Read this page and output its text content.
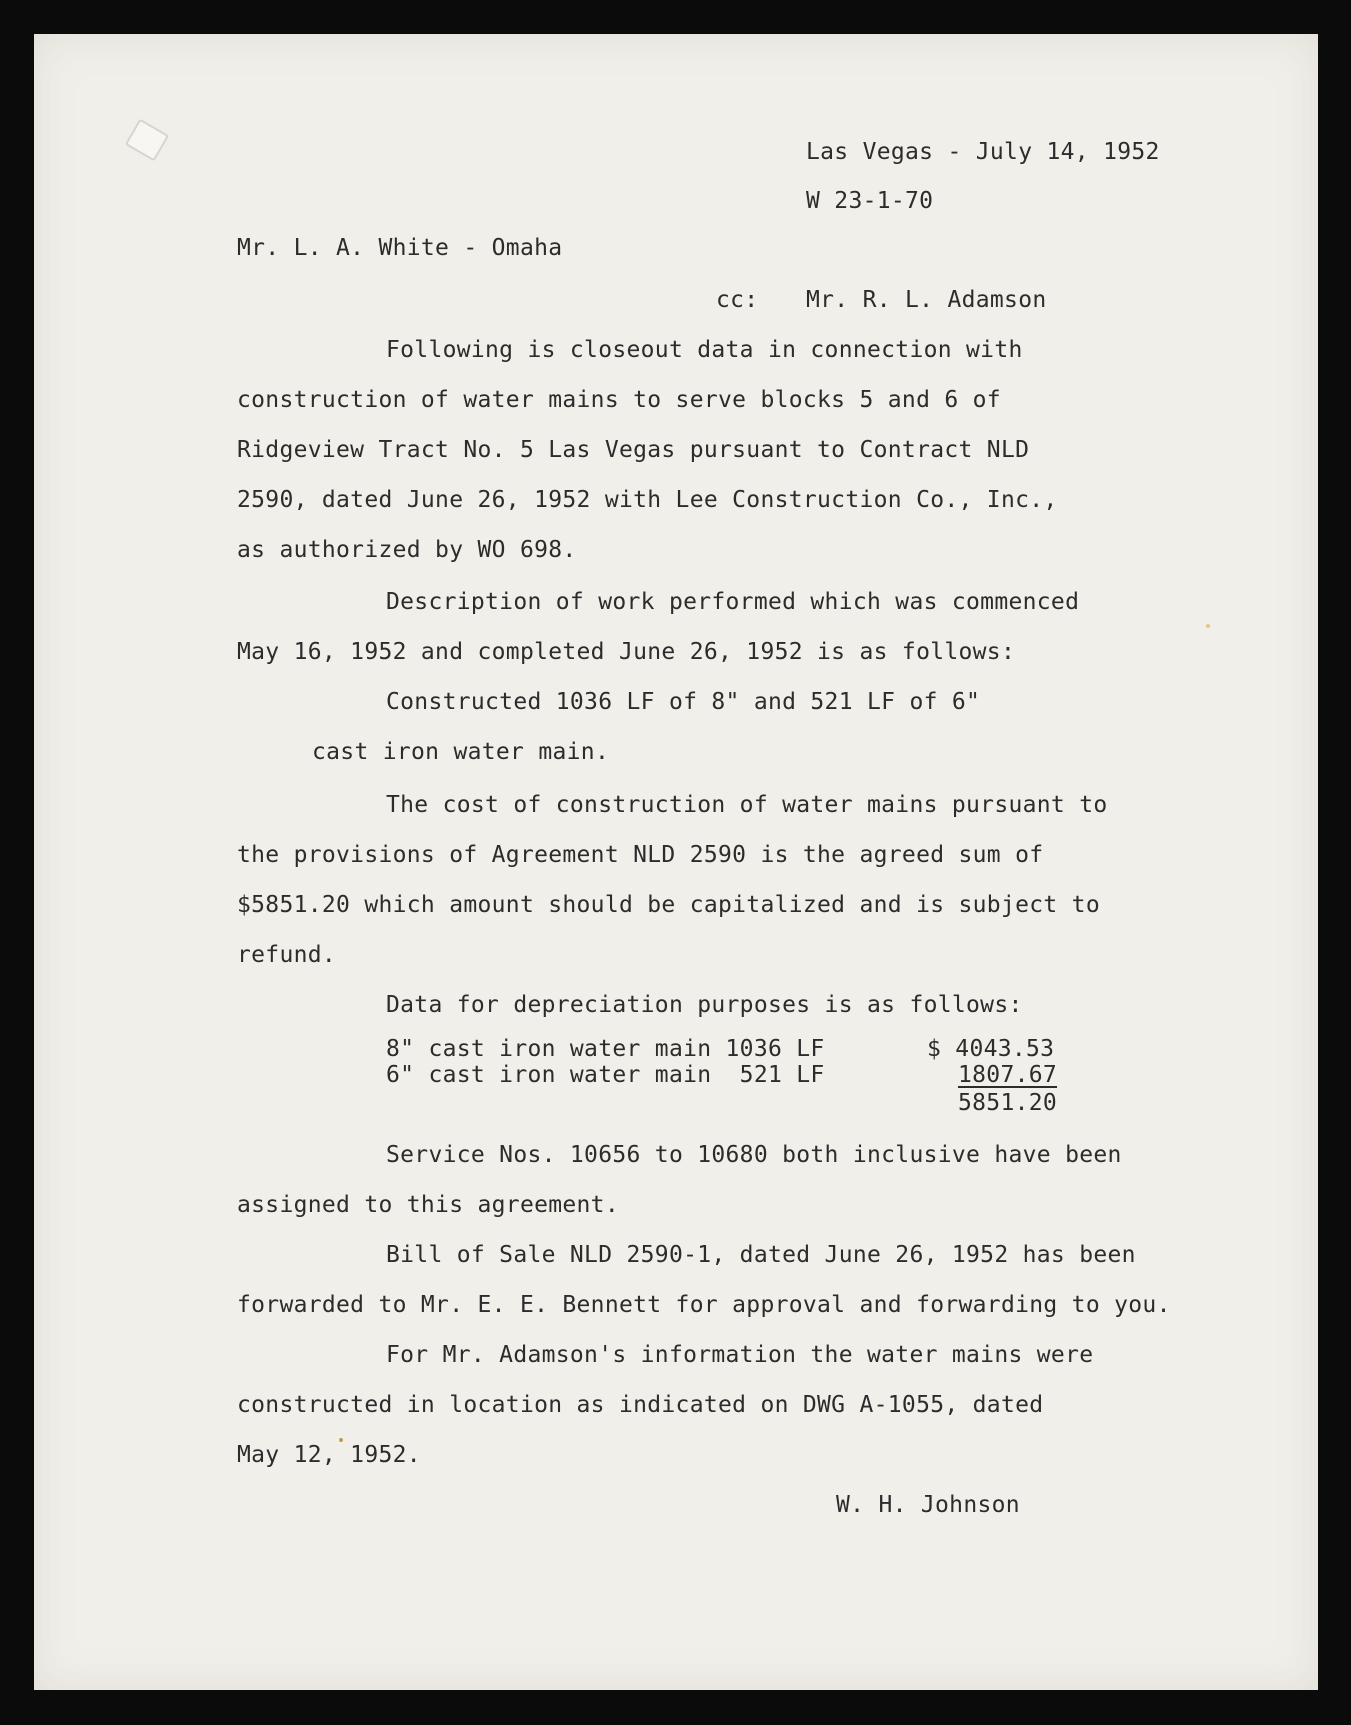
Las Vegas - July 14, 1952
W 23-1-70
Mr. L. A. White - Omaha
cc: Mr. R. L. Adamson
Following is closeout data in connection with
construction of water mains to serve blocks 5 and 6 of
Ridgeview Tract No. 5 Las Vegas pursuant to Contract NLD
2590, dated June 26, 1952 with Lee Construction Co., Inc.,
as authorized by WO 698.
Description of work performed which was commenced
May 16, 1952 and completed June 26, 1952 is as follows:
Constructed 1036 LF of 8" and 521 LF of 6"
cast iron water main.
The cost of construction of water mains pursuant to
the provisions of Agreement NLD 2590 is the agreed sum of
$5851.20 which amount should be capitalized and is subject to
refund.
Data for depreciation purposes is as follows:
8" cast iron water main 1036 LF	$ 4043.53
6" cast iron water main  521 LF	1807.67
5851.20
Service Nos. 10656 to 10680 both inclusive have been
assigned to this agreement.
Bill of Sale NLD 2590-1, dated June 26, 1952 has been
forwarded to Mr. E. E. Bennett for approval and forwarding to you.
For Mr. Adamson's information the water mains were
constructed in location as indicated on DWG A-1055, dated
May 12, 1952.
W. H. Johnson
